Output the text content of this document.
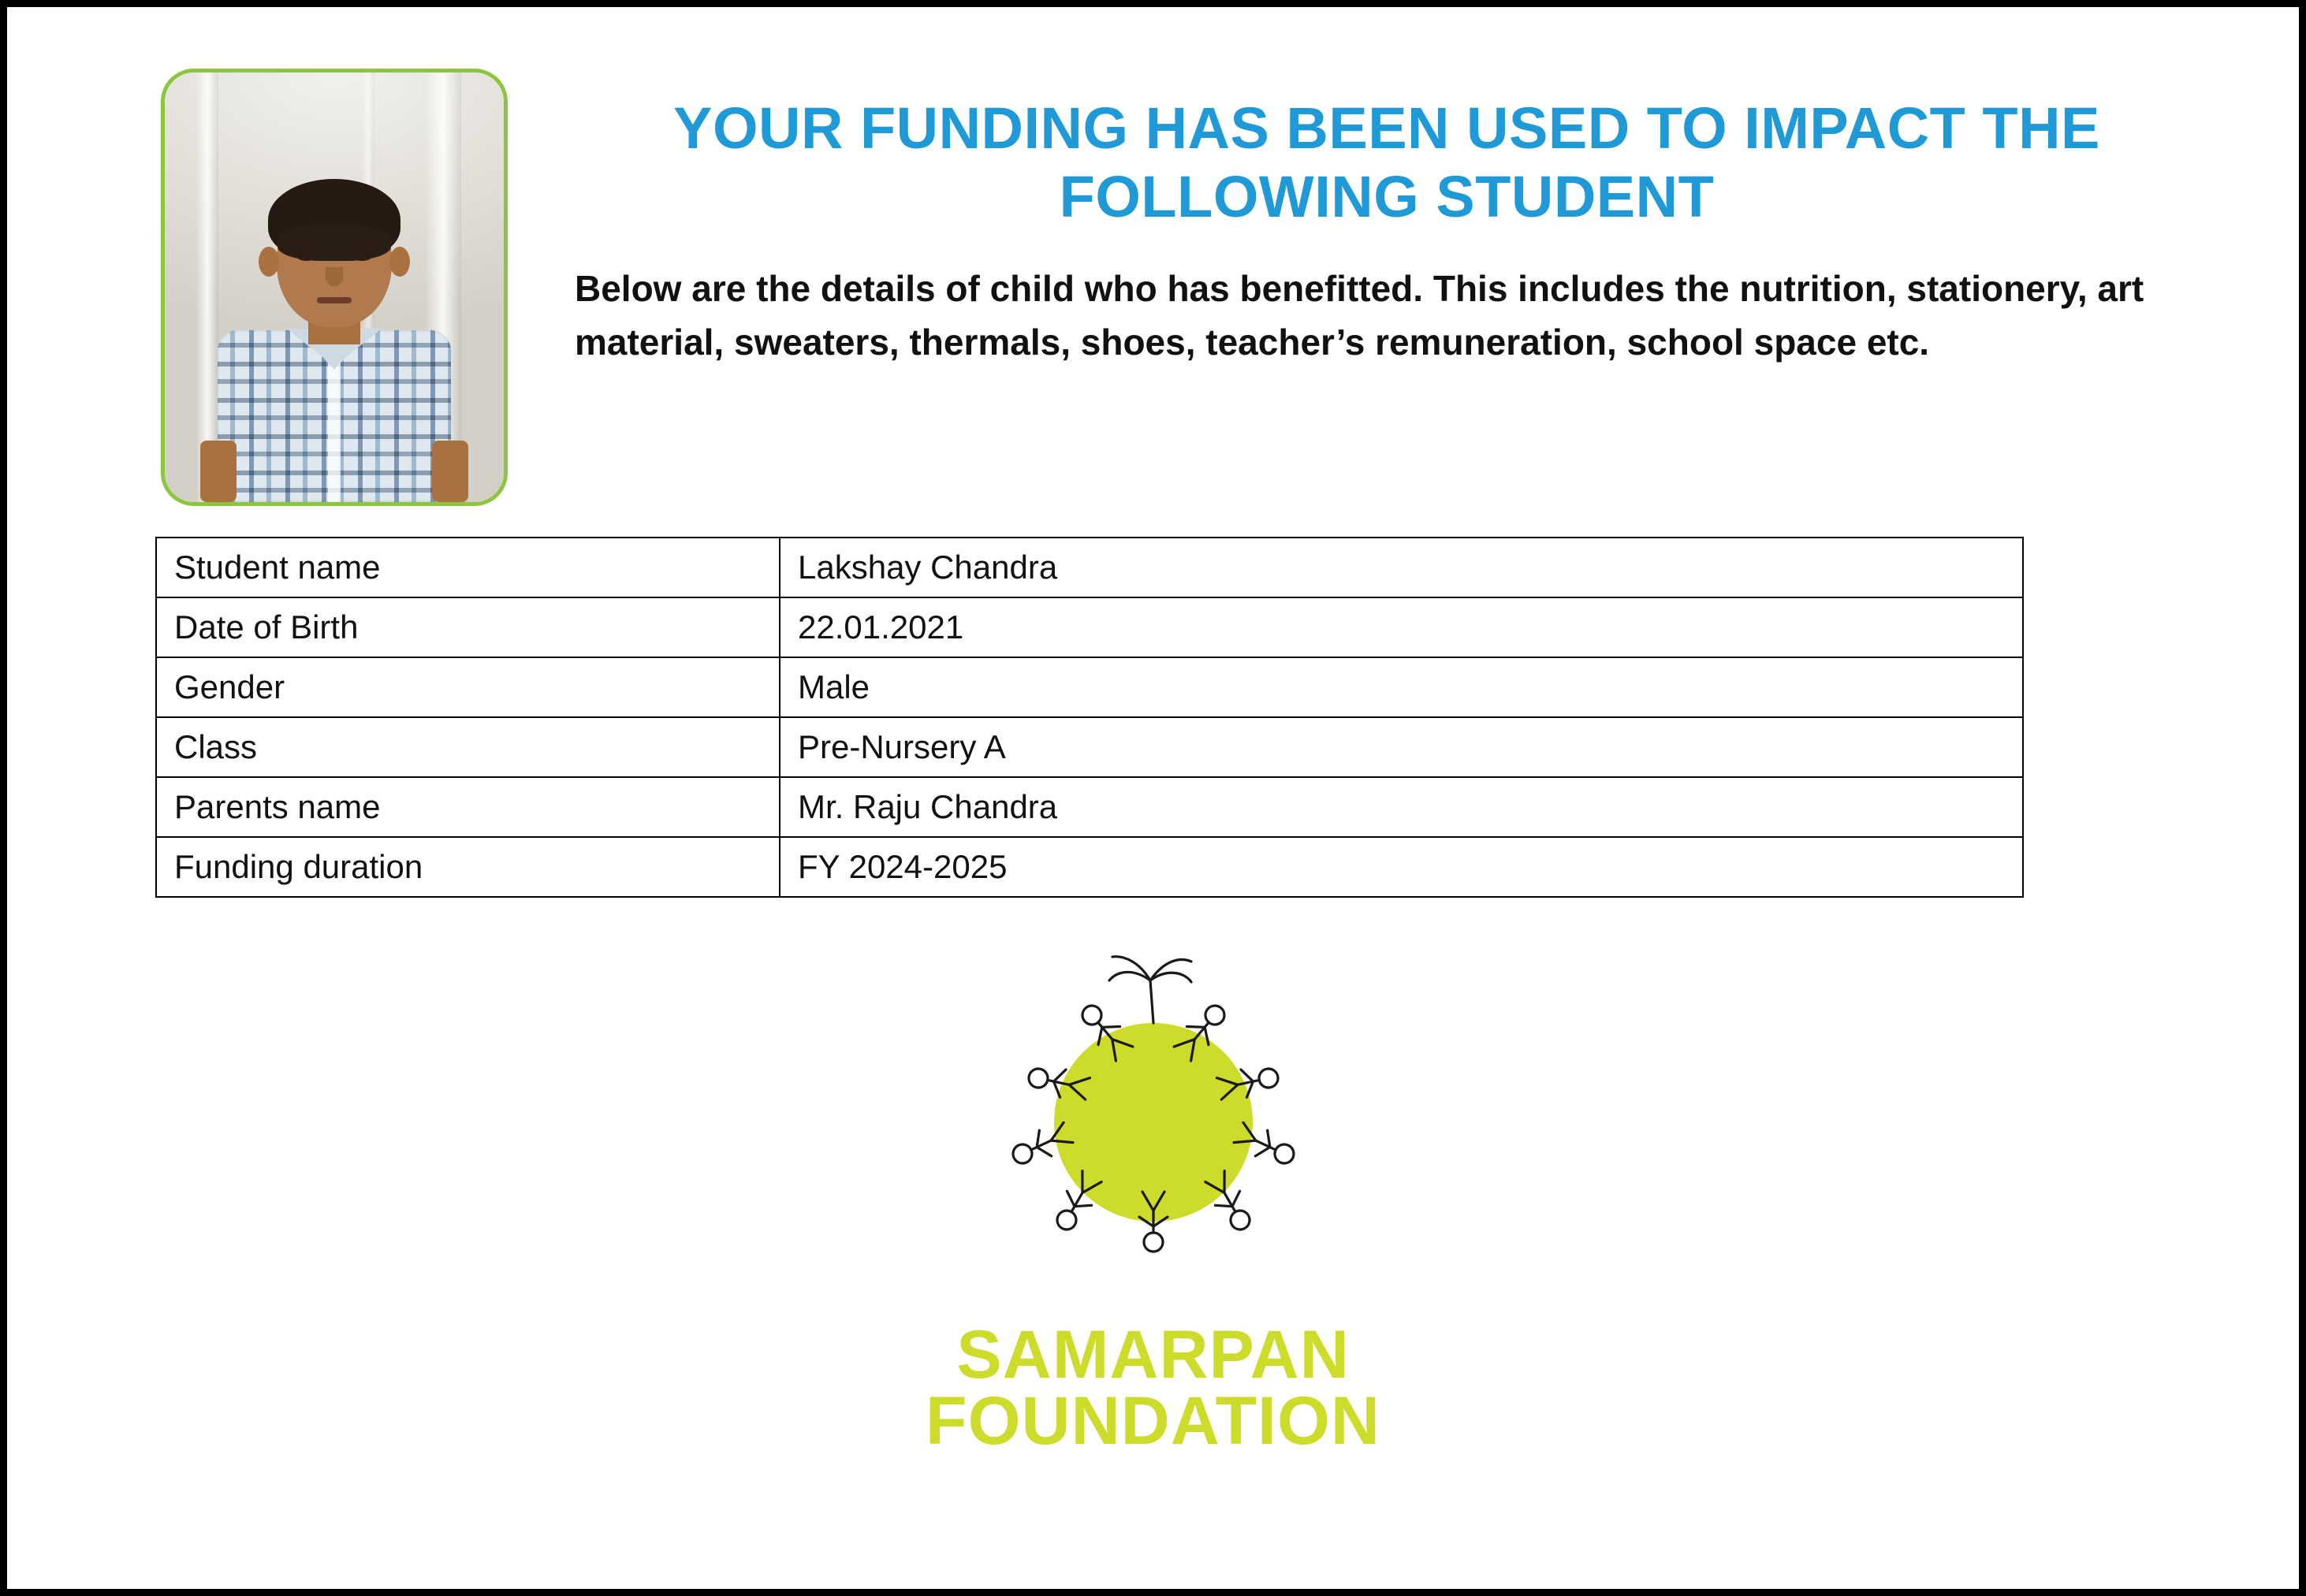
YOUR FUNDING HAS BEEN USED TO IMPACT THE
FOLLOWING STUDENT
Below are the details of child who has benefitted. This includes the nutrition, stationery, art material, sweaters, thermals, shoes, teacher’s remuneration, school space etc.
Student name	Lakshay Chandra
Date of Birth	22.01.2021
Gender	Male
Class	Pre-Nursery A
Parents name	Mr. Raju Chandra
Funding duration	FY 2024-2025
SAMARPAN
FOUNDATION
